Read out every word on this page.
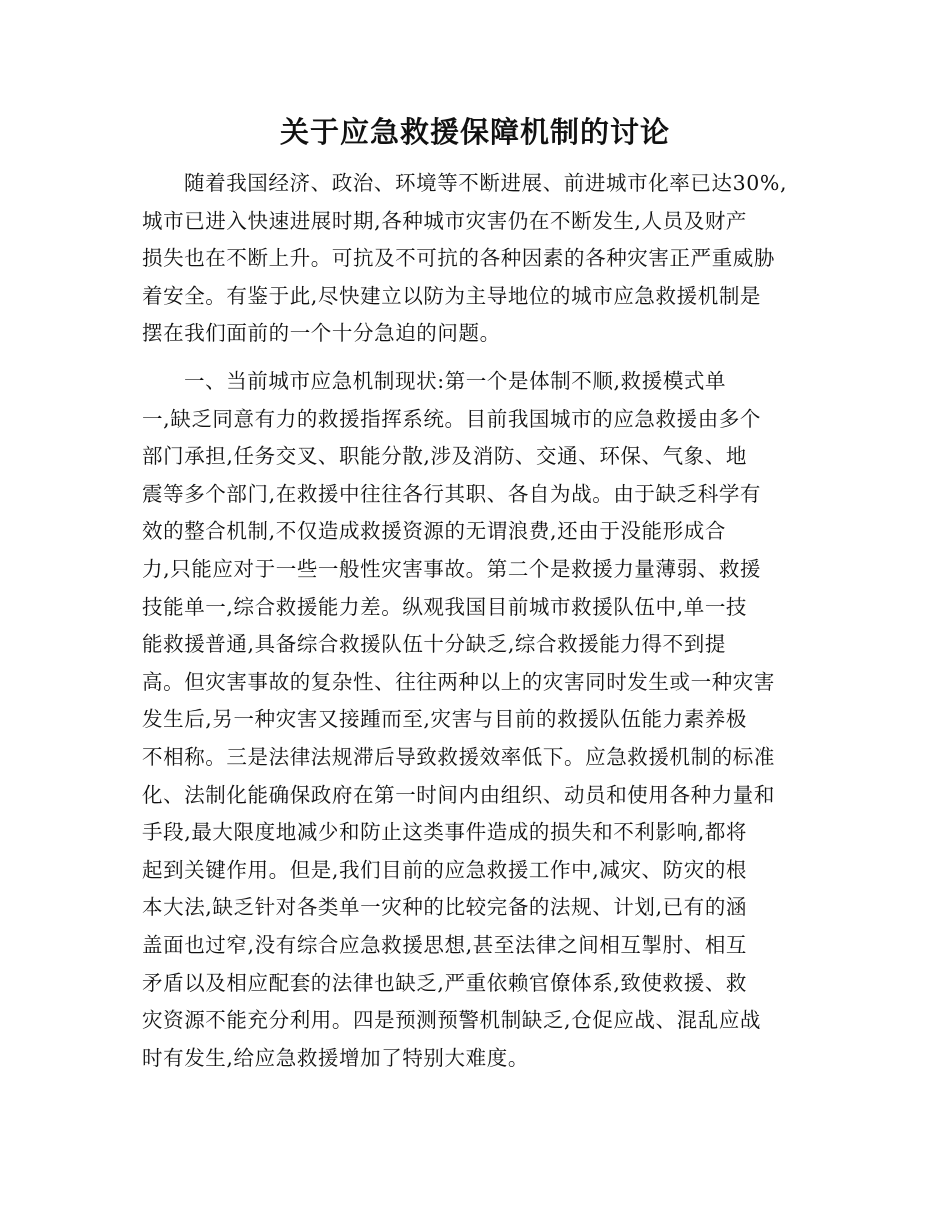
关于应急救援保障机制的讨论
随着我国经济、政治、环境等不断进展、前进城市化率已达30%,
城市已进入快速进展时期,各种城市灾害仍在不断发生,人员及财产
损失也在不断上升。可抗及不可抗的各种因素的各种灾害正严重威胁
着安全。有鉴于此,尽快建立以防为主导地位的城市应急救援机制是
摆在我们面前的一个十分急迫的问题。
一、当前城市应急机制现状:第一个是体制不顺,救援模式单
一,缺乏同意有力的救援指挥系统。目前我国城市的应急救援由多个
部门承担,任务交叉、职能分散,涉及消防、交通、环保、气象、地
震等多个部门,在救援中往往各行其职、各自为战。由于缺乏科学有
效的整合机制,不仅造成救援资源的无谓浪费,还由于没能形成合
力,只能应对于一些一般性灾害事故。第二个是救援力量薄弱、救援
技能单一,综合救援能力差。纵观我国目前城市救援队伍中,单一技
能救援普通,具备综合救援队伍十分缺乏,综合救援能力得不到提
高。但灾害事故的复杂性、往往两种以上的灾害同时发生或一种灾害
发生后,另一种灾害又接踵而至,灾害与目前的救援队伍能力素养极
不相称。三是法律法规滞后导致救援效率低下。应急救援机制的标准
化、法制化能确保政府在第一时间内由组织、动员和使用各种力量和
手段,最大限度地减少和防止这类事件造成的损失和不利影响,都将
起到关键作用。但是,我们目前的应急救援工作中,减灾、防灾的根
本大法,缺乏针对各类单一灾种的比较完备的法规、计划,已有的涵
盖面也过窄,没有综合应急救援思想,甚至法律之间相互掣肘、相互
矛盾以及相应配套的法律也缺乏,严重依赖官僚体系,致使救援、救
灾资源不能充分利用。四是预测预警机制缺乏,仓促应战、混乱应战
时有发生,给应急救援增加了特别大难度。
